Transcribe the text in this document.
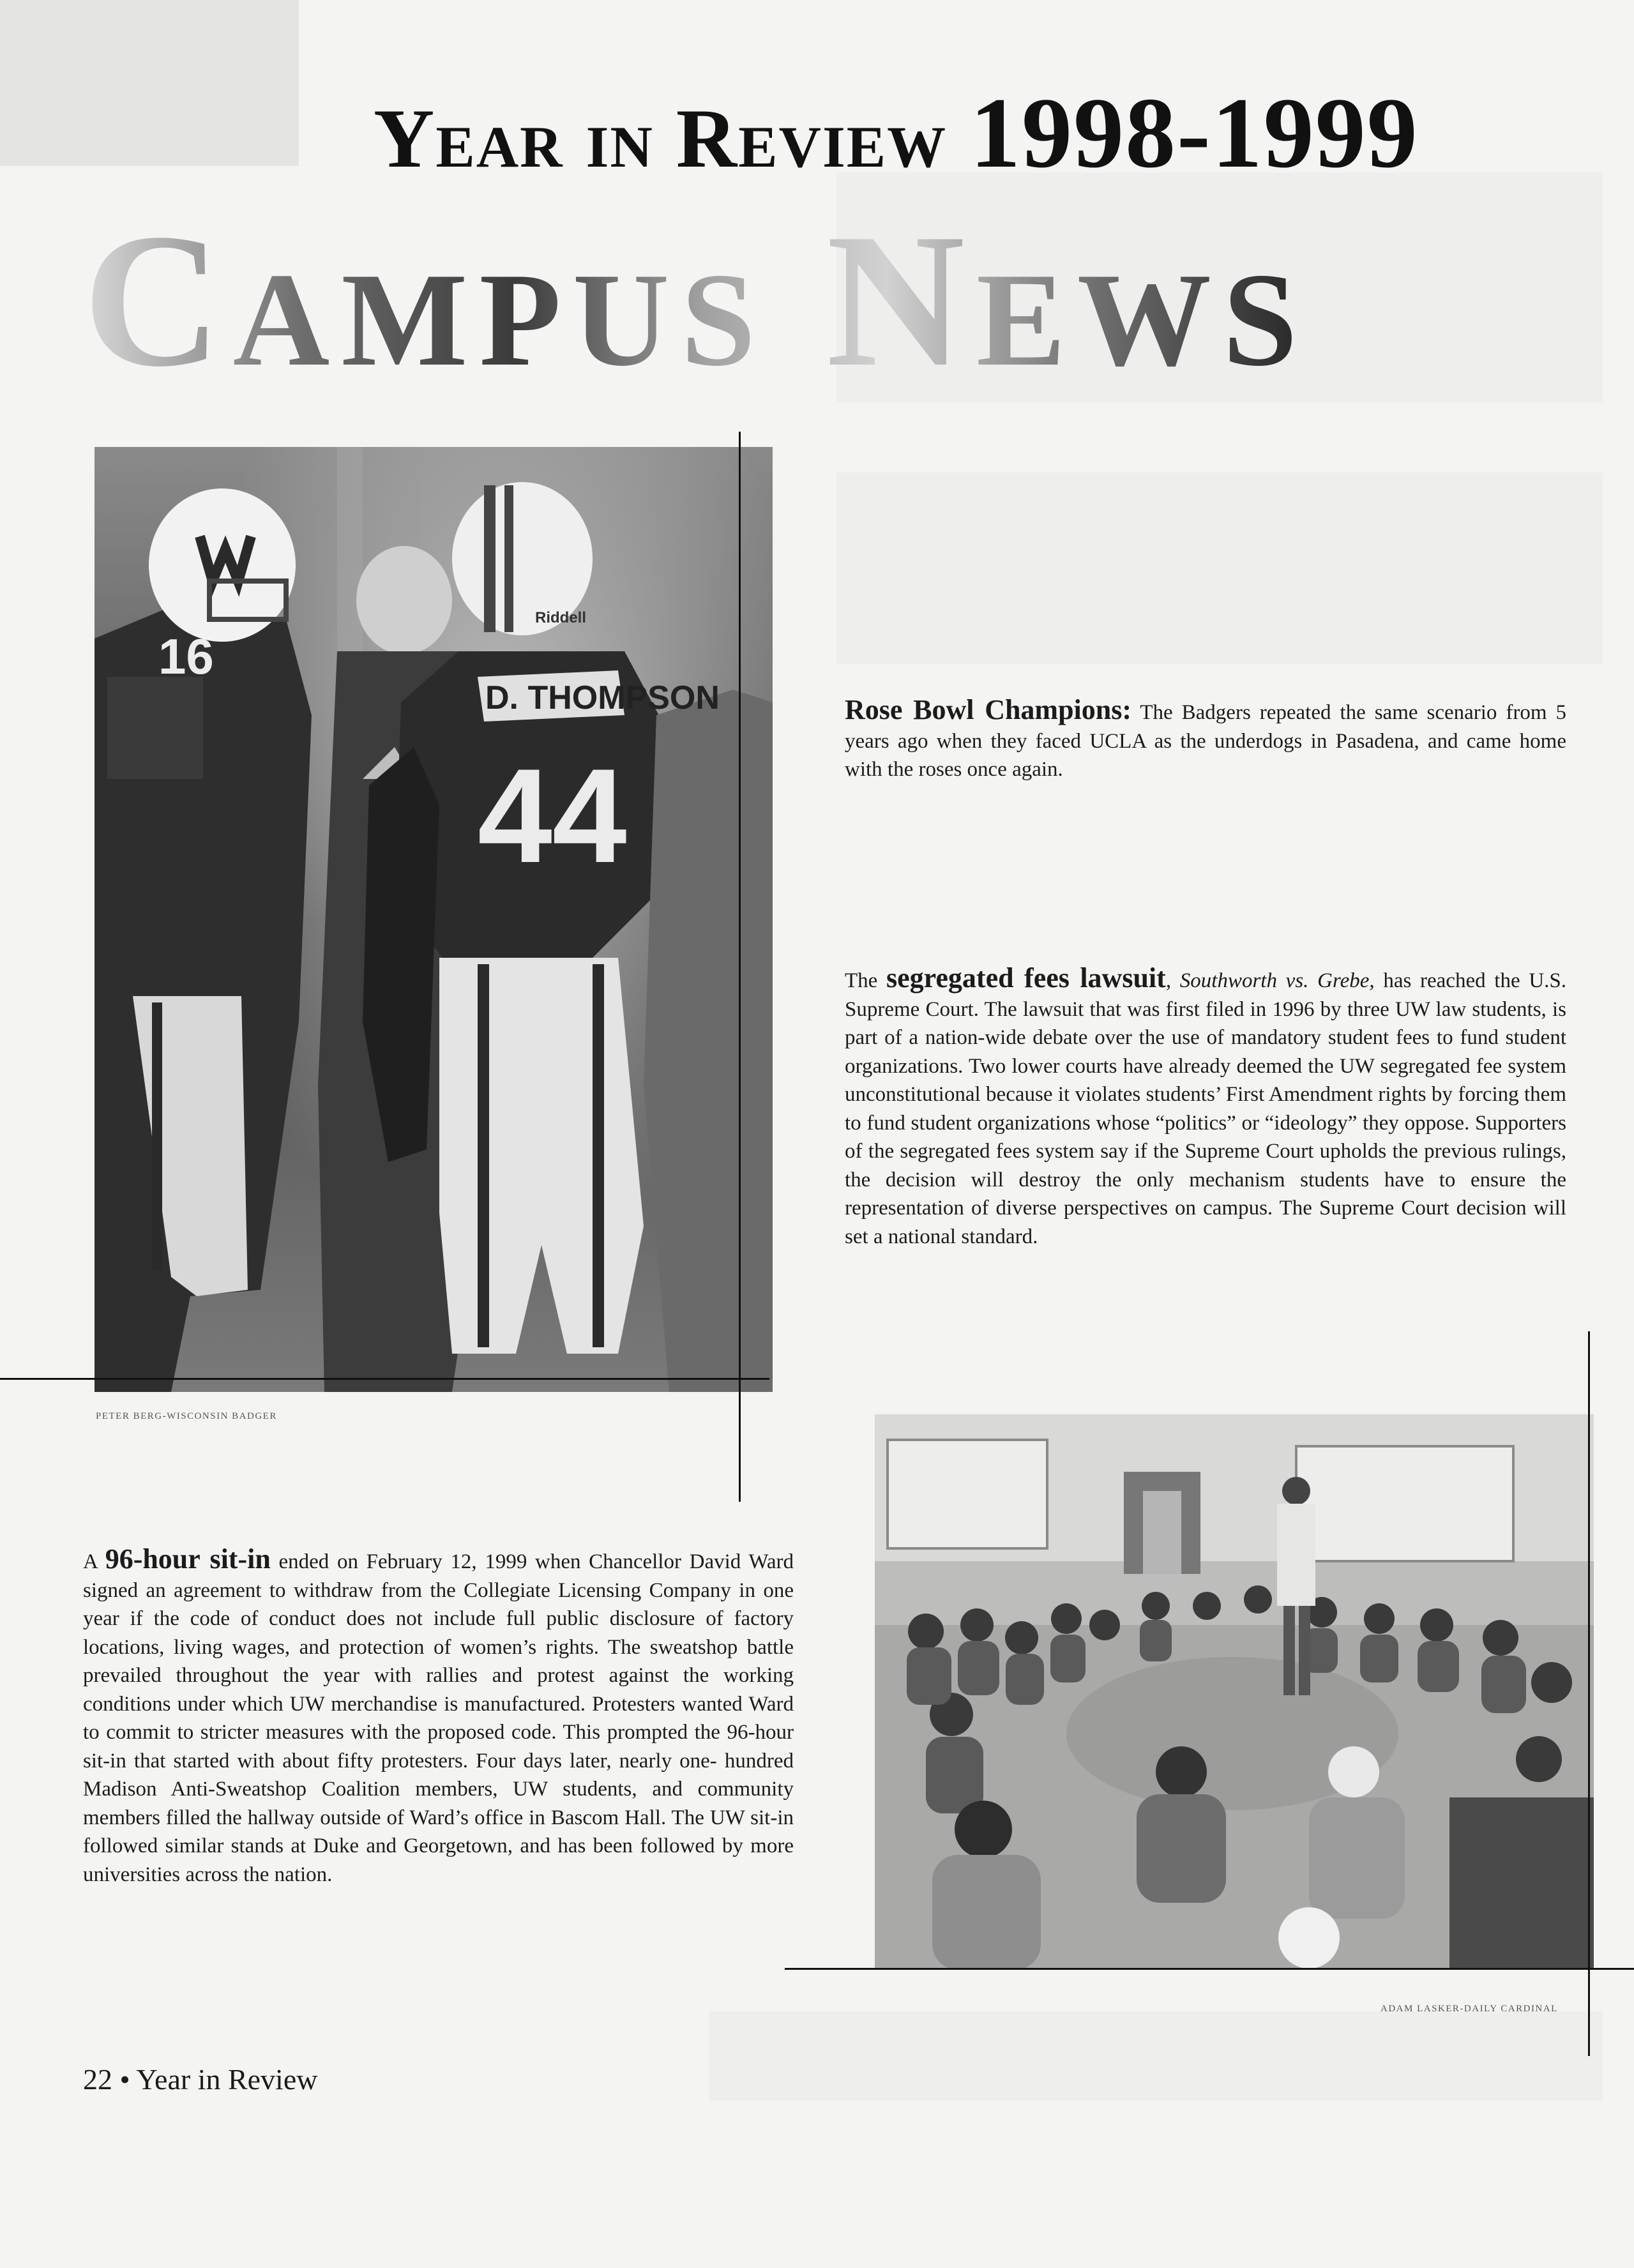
Year in Review 1998-1999
Campus News
16
44
D. THOMPSON
Riddell

PETER BERG-WISCONSIN BADGER

ADAM LASKER-DAILY CARDINAL

Rose Bowl Champions: The Badgers repeated the same scenario from 5 years ago when they faced UCLA as the underdogs in Pasadena, and came home with the roses once again.

The segregated fees lawsuit, Southworth vs. Grebe, has reached the U.S. Supreme Court. The lawsuit that was first filed in 1996 by three UW law students, is part of a nation-wide debate over the use of mandatory student fees to fund student organizations. Two lower courts have already deemed the UW segregated fee system unconstitutional because it violates students’ First Amendment rights by forcing them to fund student organizations whose “politics” or “ideology” they oppose. Supporters of the segregated fees system say if the Supreme Court upholds the previous rulings, the decision will destroy the only mechanism students have to ensure the representation of diverse perspectives on campus. The Supreme Court decision will set a national standard.

A 96-hour sit-in ended on February 12, 1999 when Chancellor David Ward signed an agreement to withdraw from the Collegiate Licensing Company in one year if the code of conduct does not include full public disclosure of factory locations, living wages, and protection of women’s rights. The sweatshop battle prevailed throughout the year with rallies and protest against the working conditions under which UW merchandise is manufactured. Protesters wanted Ward to commit to stricter measures with the proposed code. This prompted the 96-hour sit-in that started with about fifty protesters. Four days later, nearly one- hundred Madison Anti-Sweatshop Coalition members, UW students, and community members filled the hallway outside of Ward’s office in Bascom Hall. The UW sit-in followed similar stands at Duke and Georgetown, and has been followed by more universities across the nation.

22 • Year in Review
